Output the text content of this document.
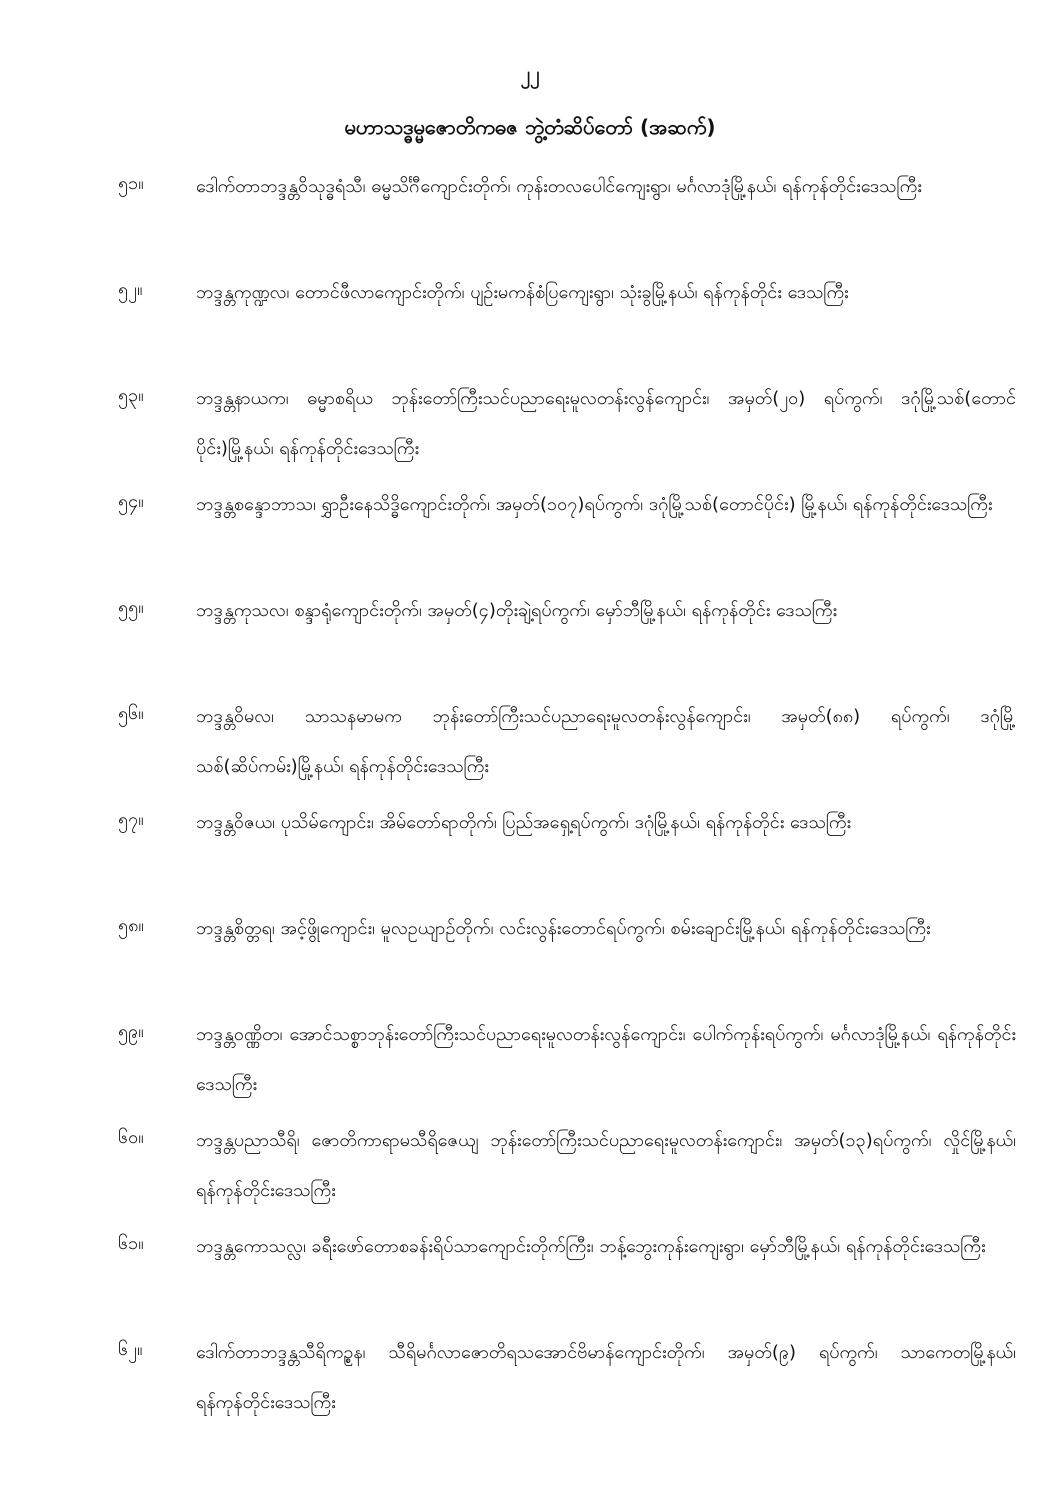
၂၂
မဟာသဒ္ဓမ္မဇောတိကဓဇ ဘွဲ့တံဆိပ်တော် (အဆက်)
၅၁။	ဒေါက်တာဘဒ္ဒန္တဝိသုဒ္ဓရံသီ၊ ဓမ္မသိင်္ဂီကျောင်းတိုက်၊ ကုန်းတလပေါင်ကျေးရွာ၊ မင်္ဂလာဒုံမြို့နယ်၊ ရန်ကုန်တိုင်းဒေသကြီး
၅၂။	ဘဒ္ဒန္တကုဏ္ဍလ၊ တောင်ဖီလာကျောင်းတိုက်၊ ပျဉ်းမကန်စံပြကျေးရွာ၊ သုံးခွမြို့နယ်၊ ရန်ကုန်တိုင်း ဒေသကြီး
၅၃။	ဘဒ္ဒန္တနာယက၊ ဓမ္မာစရိယ ဘုန်းတော်ကြီးသင်ပညာရေးမူလတန်းလွန်ကျောင်း၊ အမှတ်(၂၀) ရပ်ကွက်၊ ဒဂုံမြို့သစ်(တောင်ပိုင်း)မြို့နယ်၊ ရန်ကုန်တိုင်းဒေသကြီး
၅၄။	ဘဒ္ဒန္တစန္ဒောဘာသ၊ ရွှာဦးနေသိဒ္ဓိကျောင်းတိုက်၊ အမှတ်(၁၀၇)ရပ်ကွက်၊ ဒဂုံမြို့သစ်(တောင်ပိုင်း) မြို့နယ်၊ ရန်ကုန်တိုင်းဒေသကြီး
၅၅။	ဘဒ္ဒန္တကုသလ၊ စန္ဒာရုံကျောင်းတိုက်၊ အမှတ်(၄)တိုးချဲ့ရပ်ကွက်၊ မှော်ဘီမြို့နယ်၊ ရန်ကုန်တိုင်း ဒေသကြီး
၅၆။	ဘဒ္ဒန္တဝိမလ၊ သာသနမာမက ဘုန်းတော်ကြီးသင်ပညာရေးမူလတန်းလွန်ကျောင်း၊ အမှတ်(၈၈) ရပ်ကွက်၊ ဒဂုံမြို့သစ်(ဆိပ်ကမ်း)မြို့နယ်၊ ရန်ကုန်တိုင်းဒေသကြီး
၅၇။	ဘဒ္ဒန္တဝိဇယ၊ ပုသိမ်ကျောင်း၊ အိမ်တော်ရာတိုက်၊ ပြည်အရှေ့ရပ်ကွက်၊ ဒဂုံမြို့နယ်၊ ရန်ကုန်တိုင်း ဒေသကြီး
၅၈။	ဘဒ္ဒန္တစိတ္တရ၊ အင့်ဖွိုကျောင်း၊ မူလဥယျာဉ်တိုက်၊ လင်းလွန်းတောင်ရပ်ကွက်၊ စမ်းချောင်းမြို့နယ်၊ ရန်ကုန်တိုင်းဒေသကြီး
၅၉။	ဘဒ္ဒန္တဝဏ္ဏိတ၊ အောင်သစ္စာဘုန်းတော်ကြီးသင်ပညာရေးမူလတန်းလွန်ကျောင်း၊ ပေါက်ကုန်းရပ်ကွက်၊ မင်္ဂလာဒုံမြို့နယ်၊ ရန်ကုန်တိုင်းဒေသကြီး
၆၀။	ဘဒ္ဒန္တပညာသီရိ၊ ဇောတိကာရာမသီရိဇေယျ ဘုန်းတော်ကြီးသင်ပညာရေးမူလတန်းကျောင်း၊ အမှတ်(၁၃)ရပ်ကွက်၊ လှိုင်မြို့နယ်၊ ရန်ကုန်တိုင်းဒေသကြီး
၆၁။	ဘဒ္ဒန္တကောသလ္လ၊ ခရီးဖော်တောစခန်းရိပ်သာကျောင်းတိုက်ကြီး၊ ဘန့်ဘွေးကုန်းကျေးရွာ၊ မှော်ဘီမြို့နယ်၊ ရန်ကုန်တိုင်းဒေသကြီး
၆၂။	ဒေါက်တာဘဒ္ဒန္တသီရိကဥ္စန၊ သီရိမင်္ဂလာဇောတိရသအောင်ဗိမာန်ကျောင်းတိုက်၊ အမှတ်(၉) ရပ်ကွက်၊ သာကေတမြို့နယ်၊ ရန်ကုန်တိုင်းဒေသကြီး
